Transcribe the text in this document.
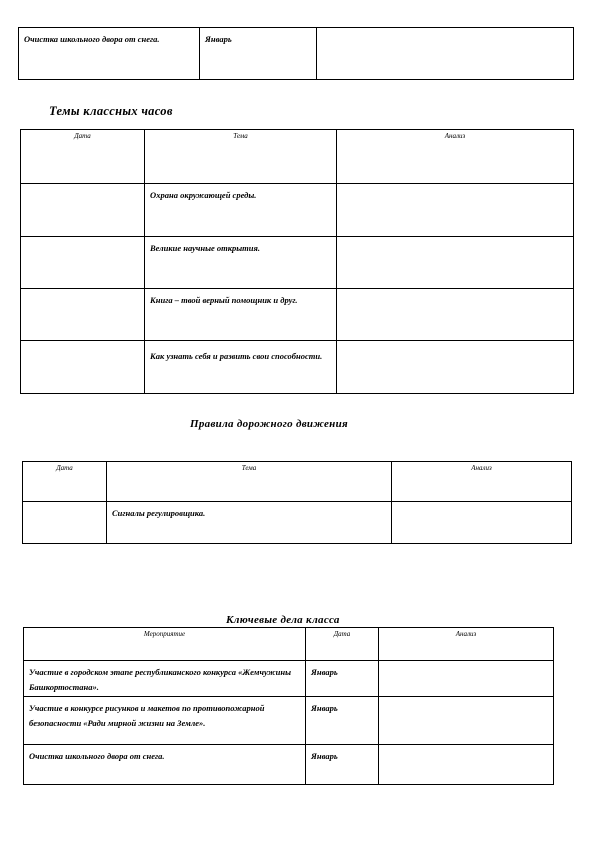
Очистка школьного двора от снега.	Январь

Темы классных часов
Дата	Тема	Анализ

	Охрана окружающей среды.	

	Великие научные открытия.	

	Книга – твой верный помощник и друг.	

	Как узнать себя и развить свои способности.	

Правила дорожного движения
Дата	Тема	Анализ

	Сигналы регулировщика.	

Ключевые дела класса
Мероприятие	Дата	Анализ

Участие в городском этапе республиканского конкурса «Жемчужины Башкортостана».	Январь	

Участие в конкурсе рисунков и макетов по противопожарной безопасности «Ради мирной жизни на Земле».	Январь	

Очистка школьного двора от снега.	Январь	
